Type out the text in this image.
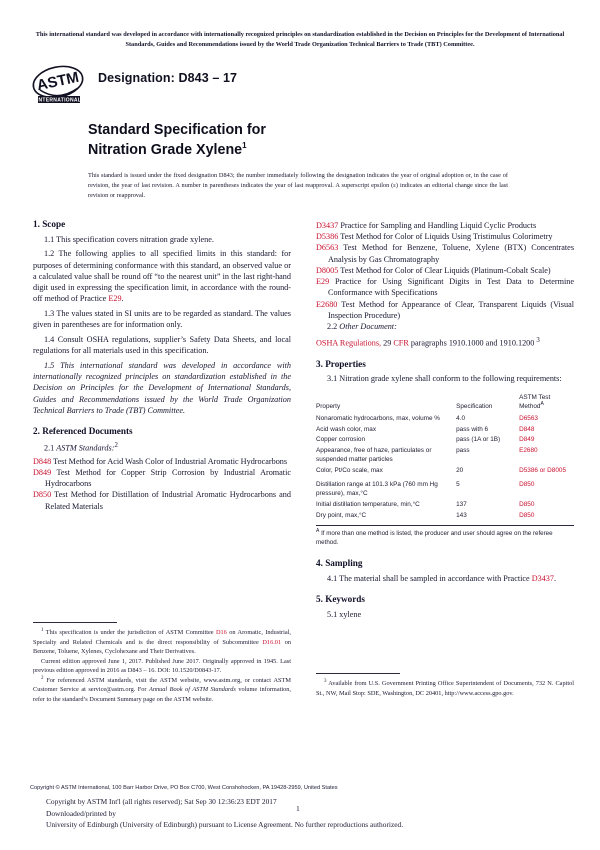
This international standard was developed in accordance with internationally recognized principles on standardization established in the Decision on Principles for the Development of International Standards, Guides and Recommendations issued by the World Trade Organization Technical Barriers to Trade (TBT) Committee.
ASTM
INTERNATIONAL
Designation: D843 – 17
Standard Specification for
Nitration Grade Xylene$^1$
This standard is issued under the fixed designation D843; the number immediately following the designation indicates the year of original adoption or, in the case of revision, the year of last revision. A number in parentheses indicates the year of last reapproval. A superscript epsilon (ε) indicates an editorial change since the last revision or reapproval.
1. Scope

1.1 This specification covers nitration grade xylene.

1.2 The following applies to all specified limits in this standard: for purposes of determining conformance with this standard, an observed value or a calculated value shall be round off “to the nearest unit” in the last right-hand digit used in expressing the specification limit, in accordance with the round-off method of Practice E29.

1.3 The values stated in SI units are to be regarded as standard. The values given in parentheses are for information only.

1.4 Consult OSHA regulations, supplier’s Safety Data Sheets, and local regulations for all materials used in this specification.

1.5 This international standard was developed in accordance with internationally recognized principles on standardization established in the Decision on Principles for the Development of International Standards, Guides and Recommendations issued by the World Trade Organization Technical Barriers to Trade (TBT) Committee.

2. Referenced Documents

2.1 ASTM Standards:$^2$

D848 Test Method for Acid Wash Color of Industrial Aromatic Hydrocarbons
D849 Test Method for Copper Strip Corrosion by Industrial Aromatic Hydrocarbons
D850 Test Method for Distillation of Industrial Aromatic Hydrocarbons and Related Materials

$^1$ This specification is under the jurisdiction of ASTM Committee D16 on Aromatic, Industrial, Specialty and Related Chemicals and is the direct responsibility of Subcommittee D16.01 on Benzene, Toluene, Xylenes, Cyclohexane and Their Derivatives.

Current edition approved June 1, 2017. Published June 2017. Originally approved in 1945. Last previous edition approved in 2016 as D843 – 16. DOI: 10.1520/D0843-17.

$^2$ For referenced ASTM standards, visit the ASTM website, www.astm.org, or contact ASTM Customer Service at service@astm.org. For Annual Book of ASTM Standards volume information, refer to the standard’s Document Summary page on the ASTM website.

D3437 Practice for Sampling and Handling Liquid Cyclic Products
D5386 Test Method for Color of Liquids Using Tristimulus Colorimetry
D6563 Test Method for Benzene, Toluene, Xylene (BTX) Concentrates Analysis by Gas Chromatography
D8005 Test Method for Color of Clear Liquids (Platinum-Cobalt Scale)
E29 Practice for Using Significant Digits in Test Data to Determine Conformance with Specifications
E2680 Test Method for Appearance of Clear, Transparent Liquids (Visual Inspection Procedure)

2.2 Other Document:

OSHA Regulations, 29 CFR paragraphs 1910.1000 and 1910.1200 $^3$

3. Properties

3.1 Nitration grade xylene shall conform to the following requirements:

Property	Specification	ASTM Test Method$^A$
Nonaromatic hydrocarbons, max, volume %	4.0	D6563
Acid wash color, max	pass with 6	D848
Copper corrosion	pass (1A or 1B)	D849
Appearance, free of haze, particulates or suspended matter particles	pass	E2680
Color, Pt/Co scale, max	20	D5386 or D8005
Distillation range at 101.3 kPa (760 mm Hg pressure), max,°C	5	D850
Initial distillation temperature, min,°C	137	D850
Dry point, max,°C	143	D850
$^A$ If more than one method is listed, the producer and user should agree on the referee method.
4. Sampling

4.1 The material shall be sampled in accordance with Practice D3437.

5. Keywords

5.1 xylene

$^3$ Available from U.S. Government Printing Office Superintendent of Documents, 732 N. Capitol St., NW, Mail Stop: SDE, Washington, DC 20401, http://www.access.gpo.gov.

Copyright © ASTM International, 100 Barr Harbor Drive, PO Box C700, West Conshohocken, PA 19428-2959, United States
Copyright by ASTM Int'l (all rights reserved); Sat Sep 30 12:36:23 EDT 2017
Downloaded/printed by
University of Edinburgh (University of Edinburgh) pursuant to License Agreement. No further reproductions authorized.
1
